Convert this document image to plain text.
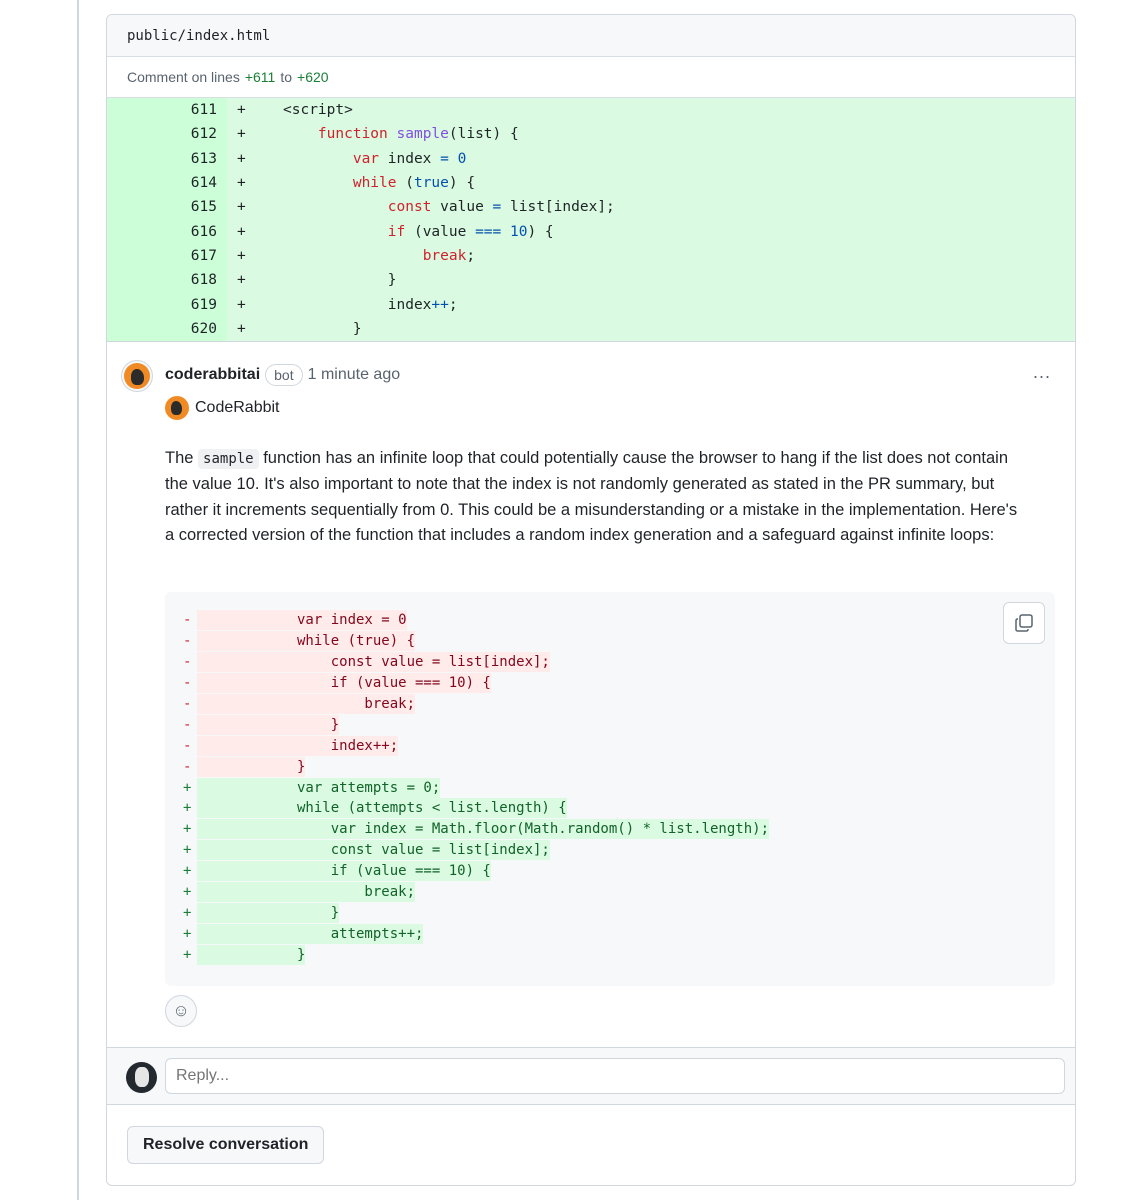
public/index.html
Comment on lines +611 to +620
611 +	<script>
612 +	function sample(list) {
613 +	var index = 0
614 +	while (true) {
615 +	const value = list[index];
616 +	if (value === 10) {
617 +	break;
618 +	}
619 +	index++;
620 +	}
coderabbitai	bot 1 minute ago	...
CodeRabbit
The sample function has an infinite loop that could potentially cause the browser to hang if the list does not contain the value 10. It's also important to note that the index is not randomly generated as stated in the PR summary, but rather it increments sequentially from 0. This could be a misunderstanding or a mistake in the implementation. Here's a corrected version of the function that includes a random index generation and a safeguard against infinite loops:
-	var index = 0
-	while (true) {
-	const value = list[index];
-	if (value === 10) {
-	break;
-	}
-	index++;
-	}
+	var attempts = 0;
+	while (attempts < list.length) {
+	var index = Math.floor(Math.random() * list.length);
+	const value = list[index];
+	if (value === 10) {
+	break;
+	}
+	attempts++;
+	}
☺
Reply...
Resolve conversation
